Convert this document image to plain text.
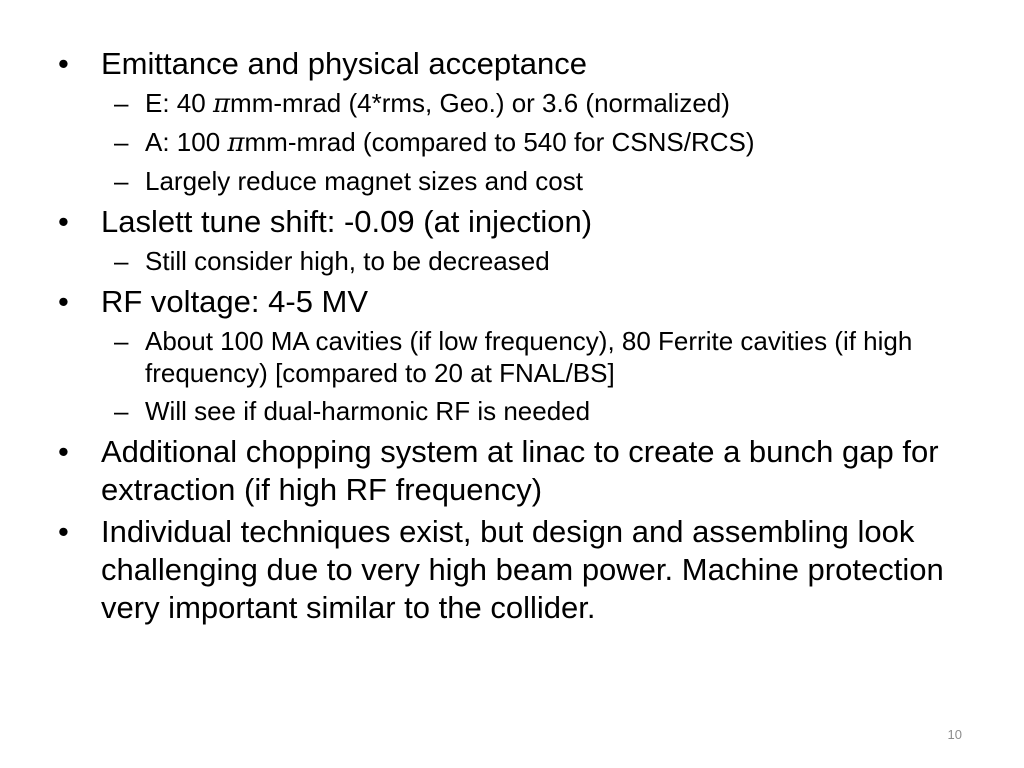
•	Emittance and physical acceptance
– E: 40 πmm-mrad (4*rms, Geo.) or 3.6 (normalized)
– A: 100 πmm-mrad (compared to 540 for CSNS/RCS)
– Largely reduce magnet sizes and cost
•	Laslett tune shift: -0.09 (at injection)
– Still consider high, to be decreased
•	RF voltage: 4-5 MV
– About 100 MA cavities (if low frequency), 80 Ferrite cavities (if high frequency) [compared to 20 at FNAL/BS]
– Will see if dual-harmonic RF is needed
•	Additional chopping system at linac to create a bunch gap for extraction (if high RF frequency)
•	Individual techniques exist, but design and assembling look challenging due to very high beam power. Machine protection very important similar to the collider.
10
